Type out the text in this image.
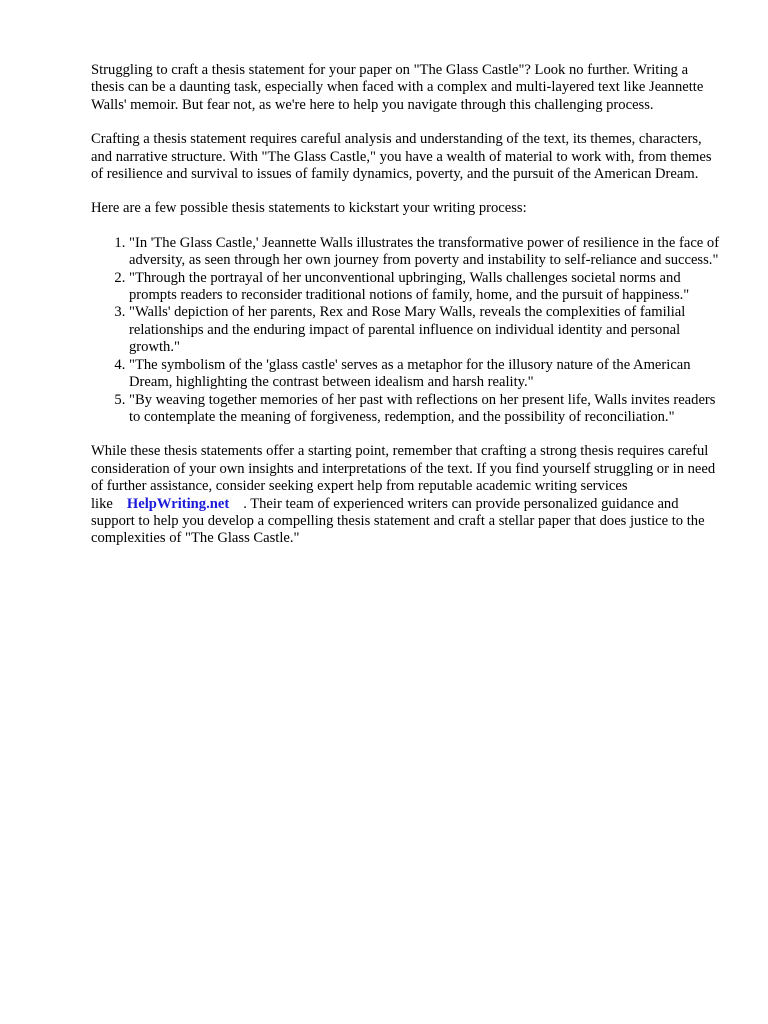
Struggling to craft a thesis statement for your paper on "The Glass Castle"? Look no further. Writing a thesis can be a daunting task, especially when faced with a complex and multi-layered text like Jeannette Walls' memoir. But fear not, as we're here to help you navigate through this challenging process.

Crafting a thesis statement requires careful analysis and understanding of the text, its themes, characters, and narrative structure. With "The Glass Castle," you have a wealth of material to work with, from themes of resilience and survival to issues of family dynamics, poverty, and the pursuit of the American Dream.

Here are a few possible thesis statements to kickstart your writing process:

1. "In 'The Glass Castle,' Jeannette Walls illustrates the transformative power of resilience in the face of adversity, as seen through her own journey from poverty and instability to self-reliance and success."
2. "Through the portrayal of her unconventional upbringing, Walls challenges societal norms and prompts readers to reconsider traditional notions of family, home, and the pursuit of happiness."
3. "Walls' depiction of her parents, Rex and Rose Mary Walls, reveals the complexities of familial relationships and the enduring impact of parental influence on individual identity and personal growth."
4. "The symbolism of the 'glass castle' serves as a metaphor for the illusory nature of the American Dream, highlighting the contrast between idealism and harsh reality."
5. "By weaving together memories of her past with reflections on her present life, Walls invites readers to contemplate the meaning of forgiveness, redemption, and the possibility of reconciliation."

While these thesis statements offer a starting point, remember that crafting a strong thesis requires careful consideration of your own insights and interpretations of the text. If you find yourself struggling or in need of further assistance, consider seeking expert help from reputable academic writing services like HelpWriting.net . Their team of experienced writers can provide personalized guidance and support to help you develop a compelling thesis statement and craft a stellar paper that does justice to the complexities of "The Glass Castle."
